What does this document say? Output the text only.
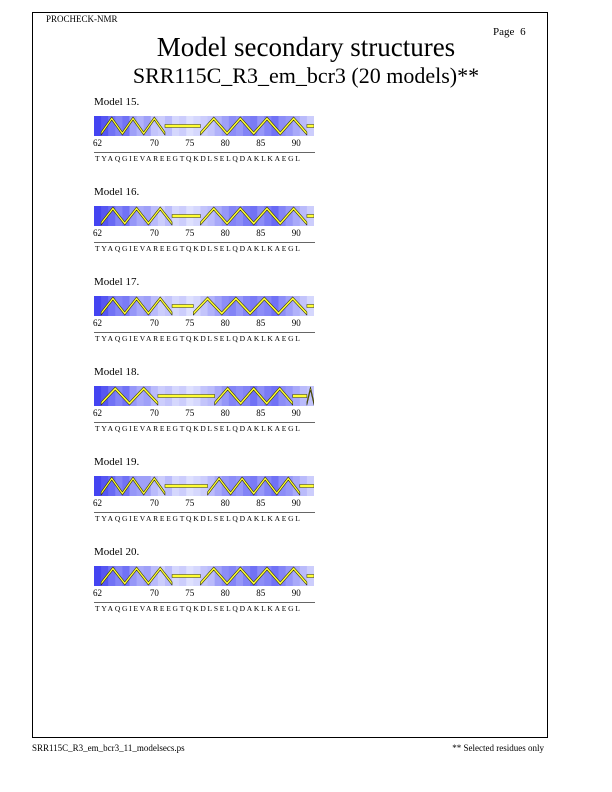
PROCHECK-NMR
Page 6
Model secondary structures
SRR115C_R3_em_bcr3 (20 models)**
Model 15.
62	70	75	80	85	90
TYAQGIEVAREEGTQKDLSELQDAKLKAEGL
Model 16.
62	70	75	80	85	90
TYAQGIEVAREEGTQKDLSELQDAKLKAEGL
Model 17.
62	70	75	80	85	90
TYAQGIEVAREEGTQKDLSELQDAKLKAEGL
Model 18.
62	70	75	80	85	90
TYAQGIEVAREEGTQKDLSELQDAKLKAEGL
Model 19.
62	70	75	80	85	90
TYAQGIEVAREEGTQKDLSELQDAKLKAEGL
Model 20.
62	70	75	80	85	90
TYAQGIEVAREEGTQKDLSELQDAKLKAEGL
SRR115C_R3_em_bcr3_11_modelsecs.ps	** Selected residues only
